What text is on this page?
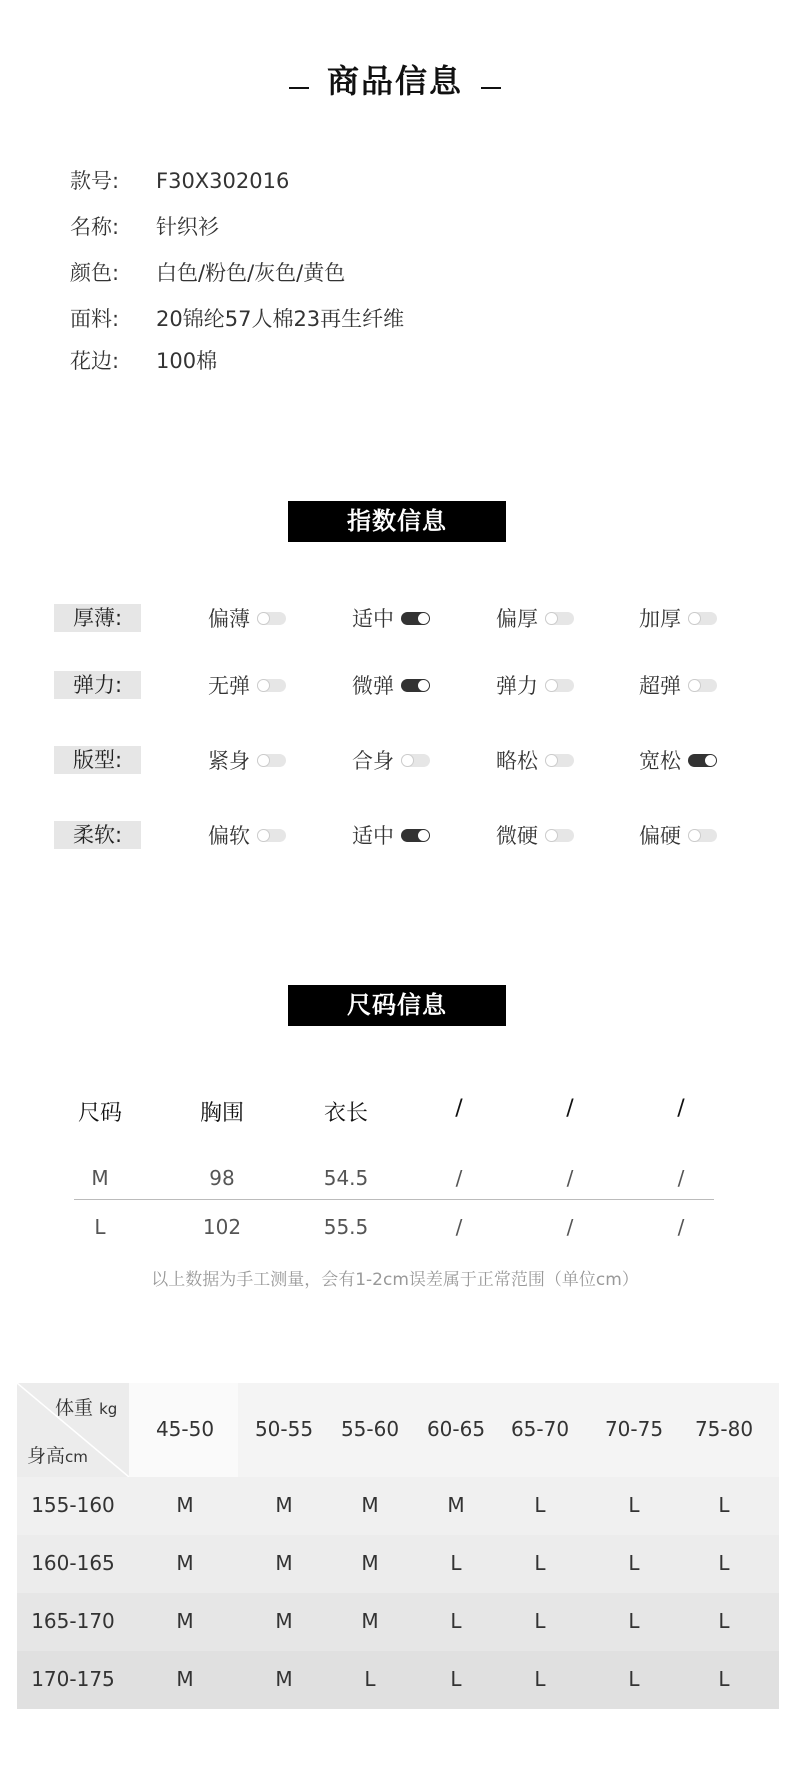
商品信息
款号: F30X302016
名称: 针织衫
颜色: 白色/粉色/灰色/黄色
面料: 20锦纶57人棉23再生纤维
花边: 100棉
指数信息
厚薄:	偏薄	适中	偏厚	加厚
弹力:	无弹	微弹	弹力	超弹
版型:	紧身	合身	略松	宽松
柔软:	偏软	适中	微硬	偏硬
尺码信息
尺码	胸围	衣长	/	/	/
M	98	54.5	/	/	/
L	102	55.5	/	/	/
以上数据为手工测量，会有1-2cm误差属于正常范围（单位cm）
体重 kg
身高cm
45-50	50-55	55-60	60-65	65-70	70-75	75-80
155-160	M	M	M	M	L	L	L
160-165	M	M	M	L	L	L	L
165-170	M	M	M	L	L	L	L
170-175	M	M	L	L	L	L	L
